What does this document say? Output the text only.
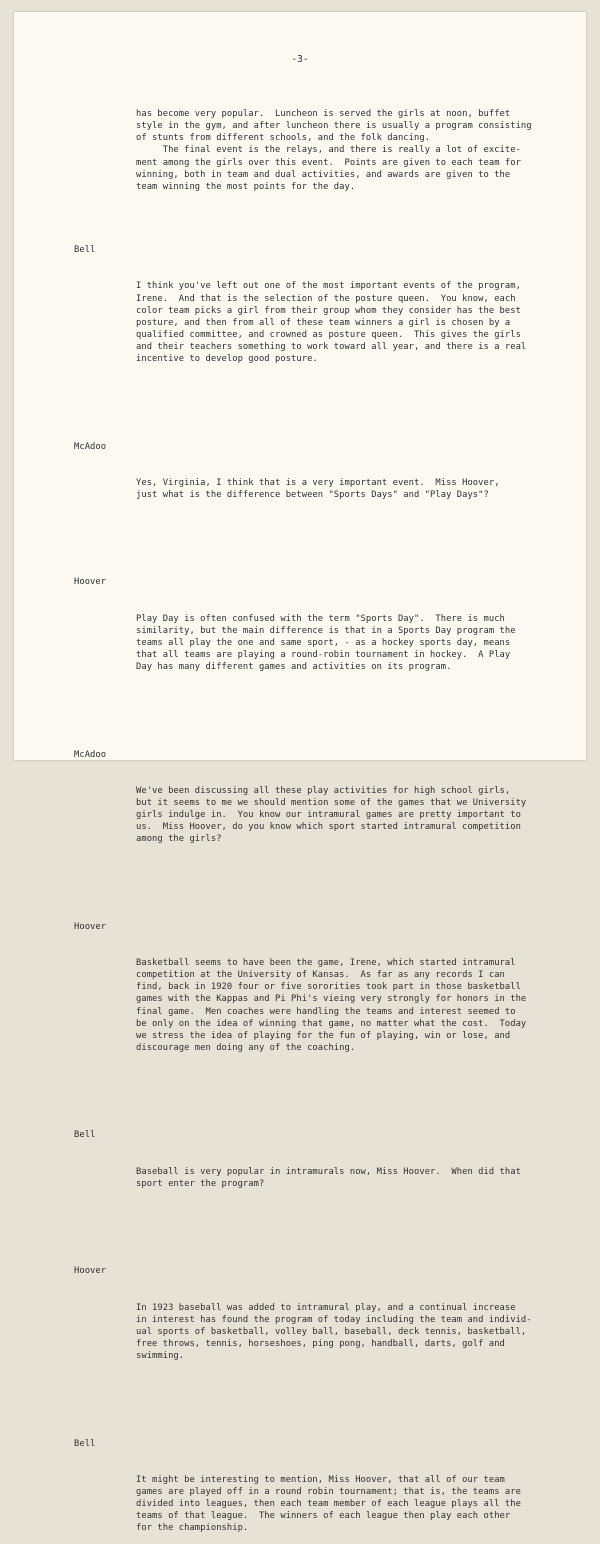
-3-

has become very popular.  Luncheon is served the girls at noon, buffet
style in the gym, and after luncheon there is usually a program consisting
of stunts from different schools, and the folk dancing.
The final event is the relays, and there is really a lot of excite-
ment among the girls over this event.  Points are given to each team for
winning, both in team and dual activities, and awards are given to the
team winning the most points for the day.

Bell

I think you've left out one of the most important events of the program,
Irene.  And that is the selection of the posture queen.  You know, each
color team picks a girl from their group whom they consider has the best
posture, and then from all of these team winners a girl is chosen by a
qualified committee, and crowned as posture queen.  This gives the girls
and their teachers something to work toward all year, and there is a real
incentive to develop good posture.

McAdoo

Yes, Virginia, I think that is a very important event.  Miss Hoover,
just what is the difference between "Sports Days" and "Play Days"?

Hoover

Play Day is often confused with the term "Sports Day".  There is much
similarity, but the main difference is that in a Sports Day program the
teams all play the one and same sport, - as a hockey sports day, means
that all teams are playing a round-robin tournament in hockey.  A Play
Day has many different games and activities on its program.

McAdoo

We've been discussing all these play activities for high school girls,
but it seems to me we should mention some of the games that we University
girls indulge in.  You know our intramural games are pretty important to
us.  Miss Hoover, do you know which sport started intramural competition
among the girls?

Hoover

Basketball seems to have been the game, Irene, which started intramural
competition at the University of Kansas.  As far as any records I can
find, back in 1920 four or five sororities took part in those basketball
games with the Kappas and Pi Phi's vieing very strongly for honors in the
final game.  Men coaches were handling the teams and interest seemed to
be only on the idea of winning that game, no matter what the cost.  Today
we stress the idea of playing for the fun of playing, win or lose, and
discourage men doing any of the coaching.

Bell

Baseball is very popular in intramurals now, Miss Hoover.  When did that
sport enter the program?

Hoover

In 1923 baseball was added to intramural play, and a continual increase
in interest has found the program of today including the team and individ-
ual sports of basketball, volley ball, baseball, deck tennis, basketball,
free throws, tennis, horseshoes, ping pong, handball, darts, golf and
swimming.

Bell

It might be interesting to mention, Miss Hoover, that all of our team
games are played off in a round robin tournament; that is, the teams are
divided into leagues, then each team member of each league plays all the
teams of that league.  The winners of each league then play each other
for the championship.
